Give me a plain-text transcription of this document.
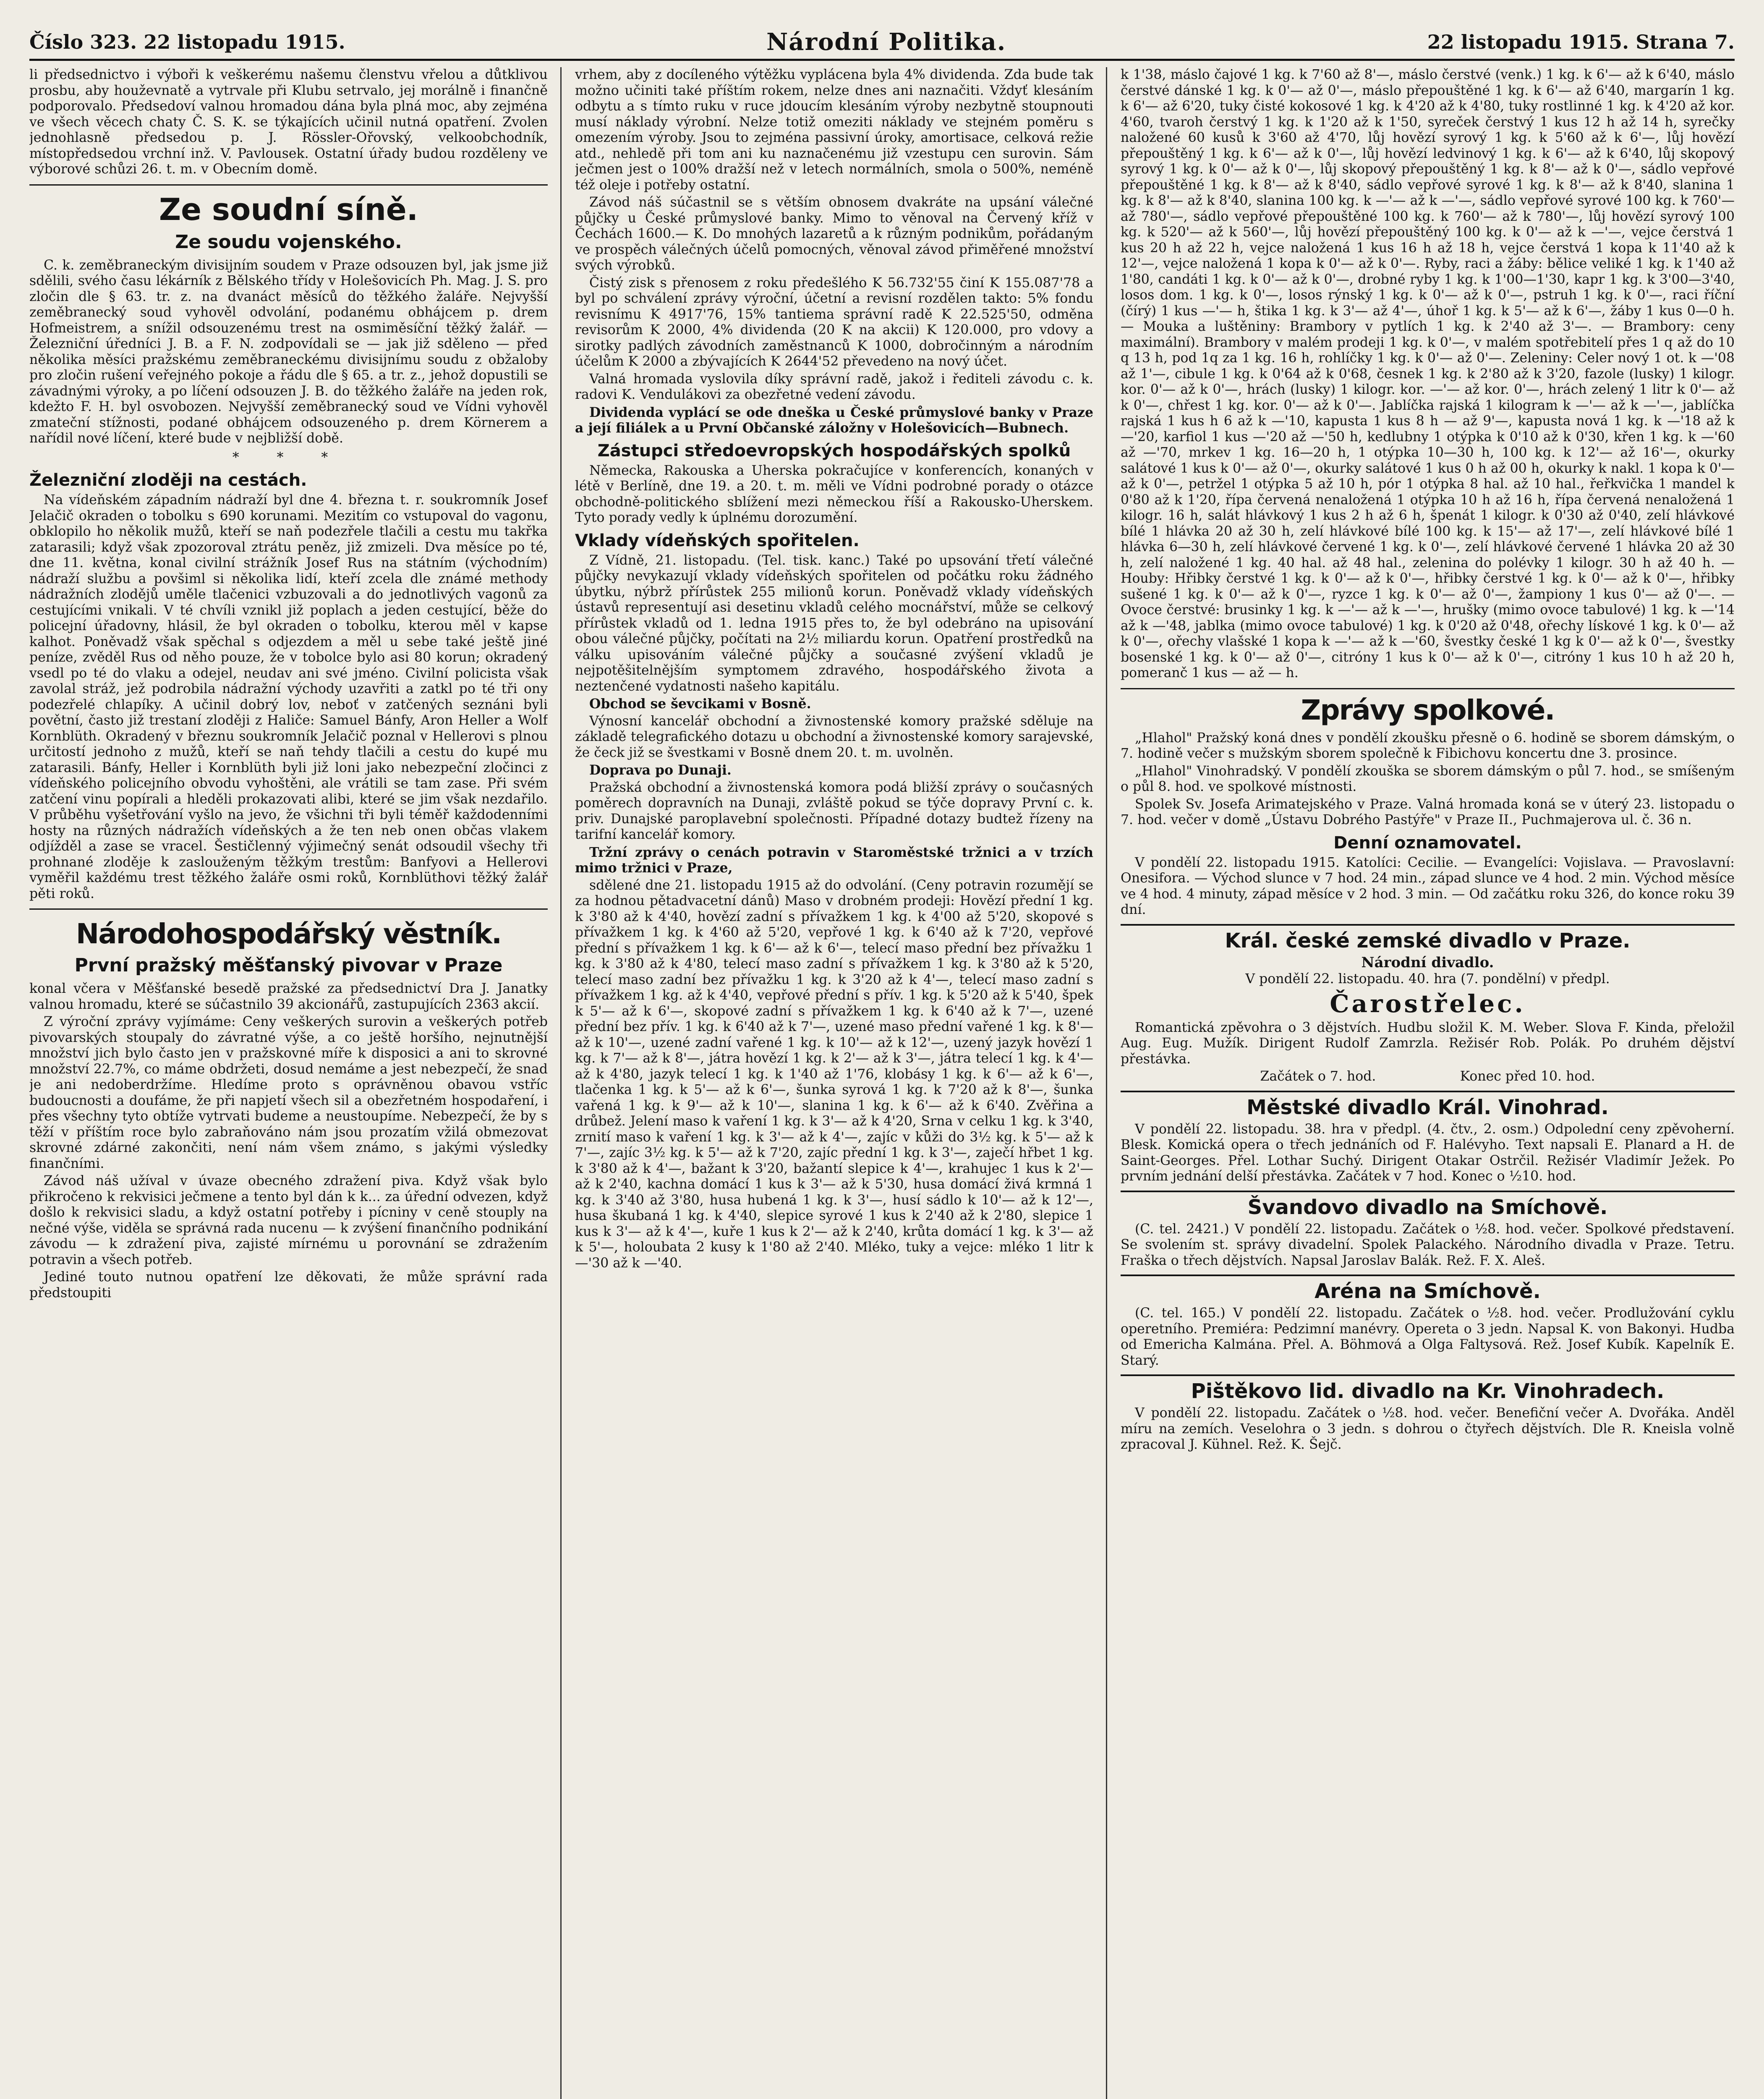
Číslo 323. 22 listopadu 1915.	Národní Politika.	22 listopadu 1915. Strana 7.

li předsednictvo i výboři k veškerému našemu členstvu vřelou a důtklivou prosbu, aby houževnatě a vytrvale při Klubu setrvalo, jej morálně i finančně podporovalo. Předsedoví valnou hromadou dána byla plná moc, aby zejména ve všech věcech chaty Č. S. K. se týkajících učinil nutná opatření. Zvolen jednohlasně předsedou p. J. Rössler-Ořovský, velkoobchodník, místopředsedou vrchní inž. V. Pavlousek. Ostatní úřady budou rozděleny ve výborové schůzi 26. t. m. v Obecním domě.

Ze soudní síně.
Ze soudu vojenského.

C. k. zeměbraneckým divisijním soudem v Praze odsouzen byl, jak jsme již sdělili, svého času lékárník z Bělského třídy v Holešovicích Ph. Mag. J. S. pro zločin dle § 63. tr. z. na dvanáct měsíců do těžkého žaláře. Nejvyšší zeměbranecký soud vyhověl odvolání, podanému obhájcem p. drem Hofmeistrem, a snížil odsouzenému trest na osmiměsíční těžký žalář. — Železniční úředníci J. B. a F. N. zodpovídali se — jak již sděleno — před několika měsíci pražskému zeměbraneckému divisijnímu soudu z obžaloby pro zločin rušení veřejného pokoje a řádu dle § 65. a tr. z., jehož dopustili se závadnými výroky, a po líčení odsouzen J. B. do těžkého žaláře na jeden rok, kdežto F. H. byl osvobozen. Nejvyšší zeměbranecký soud ve Vídni vyhověl zmateční stížnosti, podané obhájcem odsouzeného p. drem Körnerem a nařídil nové líčení, které bude v nejbližší době.

* * *
Železniční zloději na cestách.

Na vídeňském západním nádraží byl dne 4. března t. r. soukromník Josef Jelačič okraden o tobolku s 690 korunami. Mezitím co vstupoval do vagonu, obklopilo ho několik mužů, kteří se naň podezřele tlačili a cestu mu takřka zatarasili; když však zpozoroval ztrátu peněz, již zmizeli. Dva měsíce po té, dne 11. května, konal civilní strážník Josef Rus na státním (východním) nádraží službu a povšiml si několika lidí, kteří zcela dle známé methody nádražních zlodějů uměle tlačenici vzbuzovali a do jednotlivých vagonů za cestujícími vnikali. V té chvíli vznikl již poplach a jeden cestující, běže do policejní úřadovny, hlásil, že byl okraden o tobolku, kterou měl v kapse kalhot. Poněvadž však spěchal s odjezdem a měl u sebe také ještě jiné peníze, zvěděl Rus od něho pouze, že v tobolce bylo asi 80 korun; okradený vsedl po té do vlaku a odejel, neudav ani své jméno. Civilní policista však zavolal stráž, jež podrobila nádražní východy uzavřiti a zatkl po té tři ony podezřelé chlapíky. A učinil dobrý lov, neboť v zatčených seznáni byli povětní, často již trestaní zloději z Haliče: Samuel Bánfy, Aron Heller a Wolf Kornblüth. Okradený v březnu soukromník Jelačič poznal v Hellerovi s plnou určitostí jednoho z mužů, kteří se naň tehdy tlačili a cestu do kupé mu zatarasili. Bánfy, Heller i Kornblüth byli již loni jako nebezpeční zločinci z vídeňského policejního obvodu vyhoštěni, ale vrátili se tam zase. Při svém zatčení vinu popírali a hleděli prokazovati alibi, které se jim však nezdařilo. V průběhu vyšetřování vyšlo na jevo, že všichni tři byli téměř každodenními hosty na různých nádražích vídeňských a že ten neb onen občas vlakem odjížděl a zase se vracel. Šestičlenný výjimečný senát odsoudil všechy tři prohnané zloděje k zaslouženým těžkým trestům: Banfyovi a Hellerovi vyměřil každému trest těžkého žaláře osmi roků, Kornblüthovi těžký žalář pěti roků.

Národohospodářský věstník.
První pražský měšťanský pivovar v Praze

konal včera v Měšťanské besedě pražské za předsednictví Dra J. Janatky valnou hromadu, které se súčastnilo 39 akcionářů, zastupujících 2363 akcií.

Z výroční zprávy vyjímáme: Ceny veškerých surovin a veškerých potřeb pivovarských stoupaly do závratné výše, a co ještě horšího, nejnutnější množství jich bylo často jen v pražskovné míře k disposici a ani to skrovné množství 22.7%, co máme obdržeti, dosud nemáme a jest nebezpečí, že snad je ani nedoberdržíme. Hledíme proto s oprávněnou obavou vstříc budoucnosti a doufáme, že při napjetí všech sil a obezřetném hospodaření, i přes všechny tyto obtíže vytrvati budeme a neustoupíme. Nebezpečí, že by s těží v příštím roce bylo zabraňováno nám jsou prozatím vžilá obmezovat skrovné zdárné zakončiti, není nám všem známo, s jakými výsledky finančními.

Závod náš užíval v úvaze obecného zdražení piva. Když však bylo přikročeno k rekvisici ječmene a tento byl dán k k... za úřední odvezen, když došlo k rekvisici sladu, a když ostatní potřeby i pícniny v ceně stouply na nečné výše, viděla se správná rada nucenu — k zvýšení finančního podnikání závodu — k zdražení piva, zajisté mírnému u porovnání se zdražením potravin a všech potřeb.

Jediné touto nutnou opatření lze děkovati, že může správní rada předstoupiti

vrhem, aby z docíleného výtěžku vyplácena byla 4% dividenda. Zda bude tak možno učiniti také příštím rokem, nelze dnes ani naznačiti. Vždyť klesáním odbytu a s tímto ruku v ruce jdoucím klesáním výroby nezbytně stoupnouti musí náklady výrobní. Nelze totiž omeziti náklady ve stejném poměru s omezením výroby. Jsou to zejména passivní úroky, amortisace, celková režie atd., nehledě při tom ani ku naznačenému již vzestupu cen surovin. Sám ječmen jest o 100% dražší než v letech normálních, smola o 500%, neméně též oleje i potřeby ostatní.

Závod náš súčastnil se s větším obnosem dvakráte na upsání válečné půjčky u České průmyslové banky. Mimo to věnoval na Červený kříž v Čechách 1600.— K. Do mnohých lazaretů a k různým podnikům, pořádaným ve prospěch válečných účelů pomocných, věnoval závod přiměřené množství svých výrobků.

Čistý zisk s přenosem z roku předešlého K 56.732'55 činí K 155.087'78 a byl po schválení zprávy výroční, účetní a revisní rozdělen takto: 5% fondu revisnímu K 4917'76, 15% tantiema správní radě K 22.525'50, odměna revisorům K 2000, 4% dividenda (20 K na akcii) K 120.000, pro vdovy a sirotky padlých závodních zaměstnanců K 1000, dobročinným a národním účelům K 2000 a zbývajících K 2644'52 převedeno na nový účet.

Valná hromada vyslovila díky správní radě, jakož i řediteli závodu c. k. radovi K. Vendulákovi za obezřetné vedení závodu.

Dividenda vyplácí se ode dneška u České průmyslové banky v Praze a její filiálek a u První Občanské záložny v Holešovicích—Bubnech.

Zástupci středoevropských hospodářských spolků

Německa, Rakouska a Uherska pokračujíce v konferencích, konaných v létě v Berlíně, dne 19. a 20. t. m. měli ve Vídni podrobné porady o otázce obchodně-politického sblížení mezi německou říší a Rakousko-Uherskem. Tyto porady vedly k úplnému dorozumění.

Vklady vídeňských spořitelen.

Z Vídně, 21. listopadu. (Tel. tisk. kanc.) Také po upsování třetí válečné půjčky nevykazují vklady vídeňských spořitelen od počátku roku žádného úbytku, nýbrž přírůstek 255 milionů korun. Poněvadž vklady vídeňských ústavů representují asi desetinu vkladů celého mocnářství, může se celkový přírůstek vkladů od 1. ledna 1915 přes to, že byl odebráno na upisování obou válečné půjčky, počítati na 2½ miliardu korun. Opatření prostředků na válku upisováním válečné půjčky a současné zvýšení vkladů je nejpotěšitelnějším symptomem zdravého, hospodářského života a neztenčené vydatnosti našeho kapitálu.

Obchod se ševcikami v Bosně.

Výnosní kancelář obchodní a živnostenské komory pražské sděluje na základě telegrafického dotazu u obchodní a živnostenské komory sarajevské, že čeck již se švestkami v Bosně dnem 20. t. m. uvolněn.

Doprava po Dunaji.

Pražská obchodní a živnostenská komora podá bližší zprávy o současných poměrech dopravních na Dunaji, zvláště pokud se týče dopravy První c. k. priv. Dunajské paroplavební společnosti. Případné dotazy budtež řízeny na tarifní kancelář komory.

Tržní zprávy o cenách potravin v Staroměstské tržnici a v trzích mimo tržnici v Praze,

sdělené dne 21. listopadu 1915 až do odvolání. (Ceny potravin rozumějí se za hodnou pětadvacetní dánů) Maso v drobném prodeji: Hovězí přední 1 kg. k 3'80 až k 4'40, hovězí zadní s přívažkem 1 kg. k 4'00 až 5'20, skopové s přívažkem 1 kg. k 4'60 až 5'20, vepřové 1 kg. k 6'40 až k 7'20, vepřové přední s přívažkem 1 kg. k 6'— až k 6'—, telecí maso přední bez přívažku 1 kg. k 3'80 až k 4'80, telecí maso zadní s přívažkem 1 kg. k 3'80 až k 5'20, telecí maso zadní bez přívažku 1 kg. k 3'20 až k 4'—, telecí maso zadní s přívažkem 1 kg. až k 4'40, vepřové přední s přív. 1 kg. k 5'20 až k 5'40, špek k 5'— až k 6'—, skopové zadní s přívažkem 1 kg. k 6'40 až k 7'—, uzené přední bez přív. 1 kg. k 6'40 až k 7'—, uzené maso přední vařené 1 kg. k 8'— až k 10'—, uzené zadní vařené 1 kg. k 10'— až k 12'—, uzený jazyk hovězí 1 kg. k 7'— až k 8'—, játra hovězí 1 kg. k 2'— až k 3'—, játra telecí 1 kg. k 4'— až k 4'80, jazyk telecí 1 kg. k 1'40 až 1'76, klobásy 1 kg. k 6'— až k 6'—, tlačenka 1 kg. k 5'— až k 6'—, šunka syrová 1 kg. k 7'20 až k 8'—, šunka vařená 1 kg. k 9'— až k 10'—, slanina 1 kg. k 6'— až k 6'40. Zvěřina a drůbež. Jelení maso k vaření 1 kg. k 3'— až k 4'20, Srna v celku 1 kg. k 3'40, zrnití maso k vaření 1 kg. k 3'— až k 4'—, zajíc v kůži do 3½ kg. k 5'— až k 7'—, zajíc 3½ kg. k 5'— až k 7'20, zajíc přední 1 kg. k 3'—, zaječí hřbet 1 kg. k 3'80 až k 4'—, bažant k 3'20, bažantí slepice k 4'—, krahujec 1 kus k 2'— až k 2'40, kachna domácí 1 kus k 3'— až k 5'30, husa domácí živá krmná 1 kg. k 3'40 až 3'80, husa hubená 1 kg. k 3'—, husí sádlo k 10'— až k 12'—, husa škubaná 1 kg. k 4'40, slepice syrové 1 kus k 2'40 až k 2'80, slepice 1 kus k 3'— až k 4'—, kuře 1 kus k 2'— až k 2'40, krůta domácí 1 kg. k 3'— až k 5'—, holoubata 2 kusy k 1'80 až 2'40. Mléko, tuky a vejce: mléko 1 litr k —'30 až k —'40.

k 1'38, máslo čajové 1 kg. k 7'60 až 8'—, máslo čerstvé (venk.) 1 kg. k 6'— až k 6'40, máslo čerstvé dánské 1 kg. k 0'— až 0'—, máslo přepouštěné 1 kg. k 6'— až 6'40, margarín 1 kg. k 6'— až 6'20, tuky čisté kokosové 1 kg. k 4'20 až k 4'80, tuky rostlinné 1 kg. k 4'20 až kor. 4'60, tvaroh čerstvý 1 kg. k 1'20 až k 1'50, syreček čerstvý 1 kus 12 h až 14 h, syrečky naložené 60 kusů k 3'60 až 4'70, lůj hovězí syrový 1 kg. k 5'60 až k 6'—, lůj hovězí přepouštěný 1 kg. k 6'— až k 0'—, lůj hovězí ledvinový 1 kg. k 6'— až k 6'40, lůj skopový syrový 1 kg. k 0'— až k 0'—, lůj skopový přepouštěný 1 kg. k 8'— až k 0'—, sádlo vepřové přepouštěné 1 kg. k 8'— až k 8'40, sádlo vepřové syrové 1 kg. k 8'— až k 8'40, slanina 1 kg. k 8'— až k 8'40, slanina 100 kg. k —'— až k —'—, sádlo vepřové syrové 100 kg. k 760'— až 780'—, sádlo vepřové přepouštěné 100 kg. k 760'— až k 780'—, lůj hovězí syrový 100 kg. k 520'— až k 560'—, lůj hovězí přepouštěný 100 kg. k 0'— až k —'—, vejce čerstvá 1 kus 20 h až 22 h, vejce naložená 1 kus 16 h až 18 h, vejce čerstvá 1 kopa k 11'40 až k 12'—, vejce naložená 1 kopa k 0'— až k 0'—. Ryby, raci a žáby: bělice veliké 1 kg. k 1'40 až 1'80, candáti 1 kg. k 0'— až k 0'—, drobné ryby 1 kg. k 1'00—1'30, kapr 1 kg. k 3'00—3'40, losos dom. 1 kg. k 0'—, losos rýnský 1 kg. k 0'— až k 0'—, pstruh 1 kg. k 0'—, raci říční (čírý) 1 kus —'— h, štika 1 kg. k 3'— až 4'—, úhoř 1 kg. k 5'— až k 6'—, žáby 1 kus 0—0 h. — Mouka a luštěniny: Brambory v pytlích 1 kg. k 2'40 až 3'—. — Brambory: ceny maximální). Brambory v malém prodeji 1 kg. k 0'—, v malém spotřebitelí přes 1 q až do 10 q 13 h, pod 1q za 1 kg. 16 h, rohlíčky 1 kg. k 0'— až 0'—. Zeleniny: Celer nový 1 ot. k —'08 až 1'—, cibule 1 kg. k 0'64 až k 0'68, česnek 1 kg. k 2'80 až k 3'20, fazole (lusky) 1 kilogr. kor. 0'— až k 0'—, hrách (lusky) 1 kilogr. kor. —'— až kor. 0'—, hrách zelený 1 litr k 0'— až k 0'—, chřest 1 kg. kor. 0'— až k 0'—. Jablíčka rajská 1 kilogram k —'— až k —'—, jablíčka rajská 1 kus h 6 až k —'10, kapusta 1 kus 8 h — až 9'—, kapusta nová 1 kg. k —'18 až k —'20, karfiol 1 kus —'20 až —'50 h, kedlubny 1 otýpka k 0'10 až k 0'30, křen 1 kg. k —'60 až —'70, mrkev 1 kg. 16—20 h, 1 otýpka 10—30 h, 100 kg. k 12'— až 16'—, okurky salátové 1 kus k 0'— až 0'—, okurky salátové 1 kus 0 h až 00 h, okurky k nakl. 1 kopa k 0'— až k 0'—, petržel 1 otýpka 5 až 10 h, pór 1 otýpka 8 hal. až 10 hal., řeřkvička 1 mandel k 0'80 až k 1'20, řípa červená nenaložená 1 otýpka 10 h až 16 h, řípa červená nenaložená 1 kilogr. 16 h, salát hlávkový 1 kus 2 h až 6 h, špenát 1 kilogr. k 0'30 až 0'40, zelí hlávkové bílé 1 hlávka 20 až 30 h, zelí hlávkové bílé 100 kg. k 15'— až 17'—, zelí hlávkové bílé 1 hlávka 6—30 h, zelí hlávkové červené 1 kg. k 0'—, zelí hlávkové červené 1 hlávka 20 až 30 h, zelí naložené 1 kg. 40 hal. až 48 hal., zelenina do polévky 1 kilogr. 30 h až 40 h. — Houby: Hřibky čerstvé 1 kg. k 0'— až k 0'—, hřibky čerstvé 1 kg. k 0'— až k 0'—, hřibky sušené 1 kg. k 0'— až k 0'—, ryzce 1 kg. k 0'— až 0'—, žampiony 1 kus 0'— až 0'—. — Ovoce čerstvé: brusinky 1 kg. k —'— až k —'—, hrušky (mimo ovoce tabulové) 1 kg. k —'14 až k —'48, jablka (mimo ovoce tabulové) 1 kg. k 0'20 až 0'48, ořechy lískové 1 kg. k 0'— až k 0'—, ořechy vlašské 1 kopa k —'— až k —'60, švestky české 1 kg k 0'— až k 0'—, švestky bosenské 1 kg. k 0'— až 0'—, citróny 1 kus k 0'— až k 0'—, citróny 1 kus 10 h až 20 h, pomeranč 1 kus — až — h.

Zprávy spolkové.

„Hlahol" Pražský koná dnes v pondělí zkoušku přesně o 6. hodině se sborem dámským, o 7. hodině večer s mužským sborem společně k Fibichovu koncertu dne 3. prosince.

„Hlahol" Vinohradský. V pondělí zkouška se sborem dámským o půl 7. hod., se smíšeným o půl 8. hod. ve spolkové místnosti.

Spolek Sv. Josefa Arimatejského v Praze. Valná hromada koná se v úterý 23. listopadu o 7. hod. večer v domě „Ústavu Dobrého Pastýře" v Praze II., Puchmajerova ul. č. 36 n.

Denní oznamovatel.

V pondělí 22. listopadu 1915. Katolíci: Cecilie. — Evangelíci: Vojislava. — Pravoslavní: Onesifora. — Východ slunce v 7 hod. 24 min., západ slunce ve 4 hod. 2 min. Východ měsíce ve 4 hod. 4 minuty, západ měsíce v 2 hod. 3 min. — Od začátku roku 326, do konce roku 39 dní.

Král. české zemské divadlo v Praze.
Národní divadlo.
V pondělí 22. listopadu. 40. hra (7. pondělní) v předpl.
Čarostřelec.

Romantická zpěvohra o 3 dějstvích. Hudbu složil K. M. Weber. Slova F. Kinda, přeložil Aug. Eug. Mužík. Dirigent Rudolf Zamrzla. Režisér Rob. Polák. Po druhém dějství přestávka.

Začátek o 7. hod.                    Konec před 10. hod.
Městské divadlo Král. Vinohrad.

V pondělí 22. listopadu. 38. hra v předpl. (4. čtv., 2. osm.) Odpolední ceny zpěvoherní. Blesk. Komická opera o třech jednáních od F. Halévyho. Text napsali E. Planard a H. de Saint-Georges. Přel. Lothar Suchý. Dirigent Otakar Ostrčil. Režisér Vladimír Ježek. Po prvním jednání delší přestávka. Začátek v 7 hod. Konec o ½10. hod.

Švandovo divadlo na Smíchově.

(C. tel. 2421.) V pondělí 22. listopadu. Začátek o ½8. hod. večer. Spolkové představení. Se svolením st. správy divadelní. Spolek Palackého. Národního divadla v Praze. Tetru. Fraška o třech dějstvích. Napsal Jaroslav Balák. Rež. F. X. Aleš.

Aréna na Smíchově.

(C. tel. 165.) V pondělí 22. listopadu. Začátek o ½8. hod. večer. Prodlužování cyklu operetního. Premiéra: Pedzimní manévry. Opereta o 3 jedn. Napsal K. von Bakonyi. Hudba od Emericha Kalmána. Přel. A. Böhmová a Olga Faltysová. Rež. Josef Kubík. Kapelník E. Starý.

Pištěkovo lid. divadlo na Kr. Vinohradech.

V pondělí 22. listopadu. Začátek o ½8. hod. večer. Benefiční večer A. Dvořáka. Anděl míru na zemích. Veselohra o 3 jedn. s dohrou o čtyřech dějstvích. Dle R. Kneisla volně zpracoval J. Kühnel. Rež. K. Šejč.
